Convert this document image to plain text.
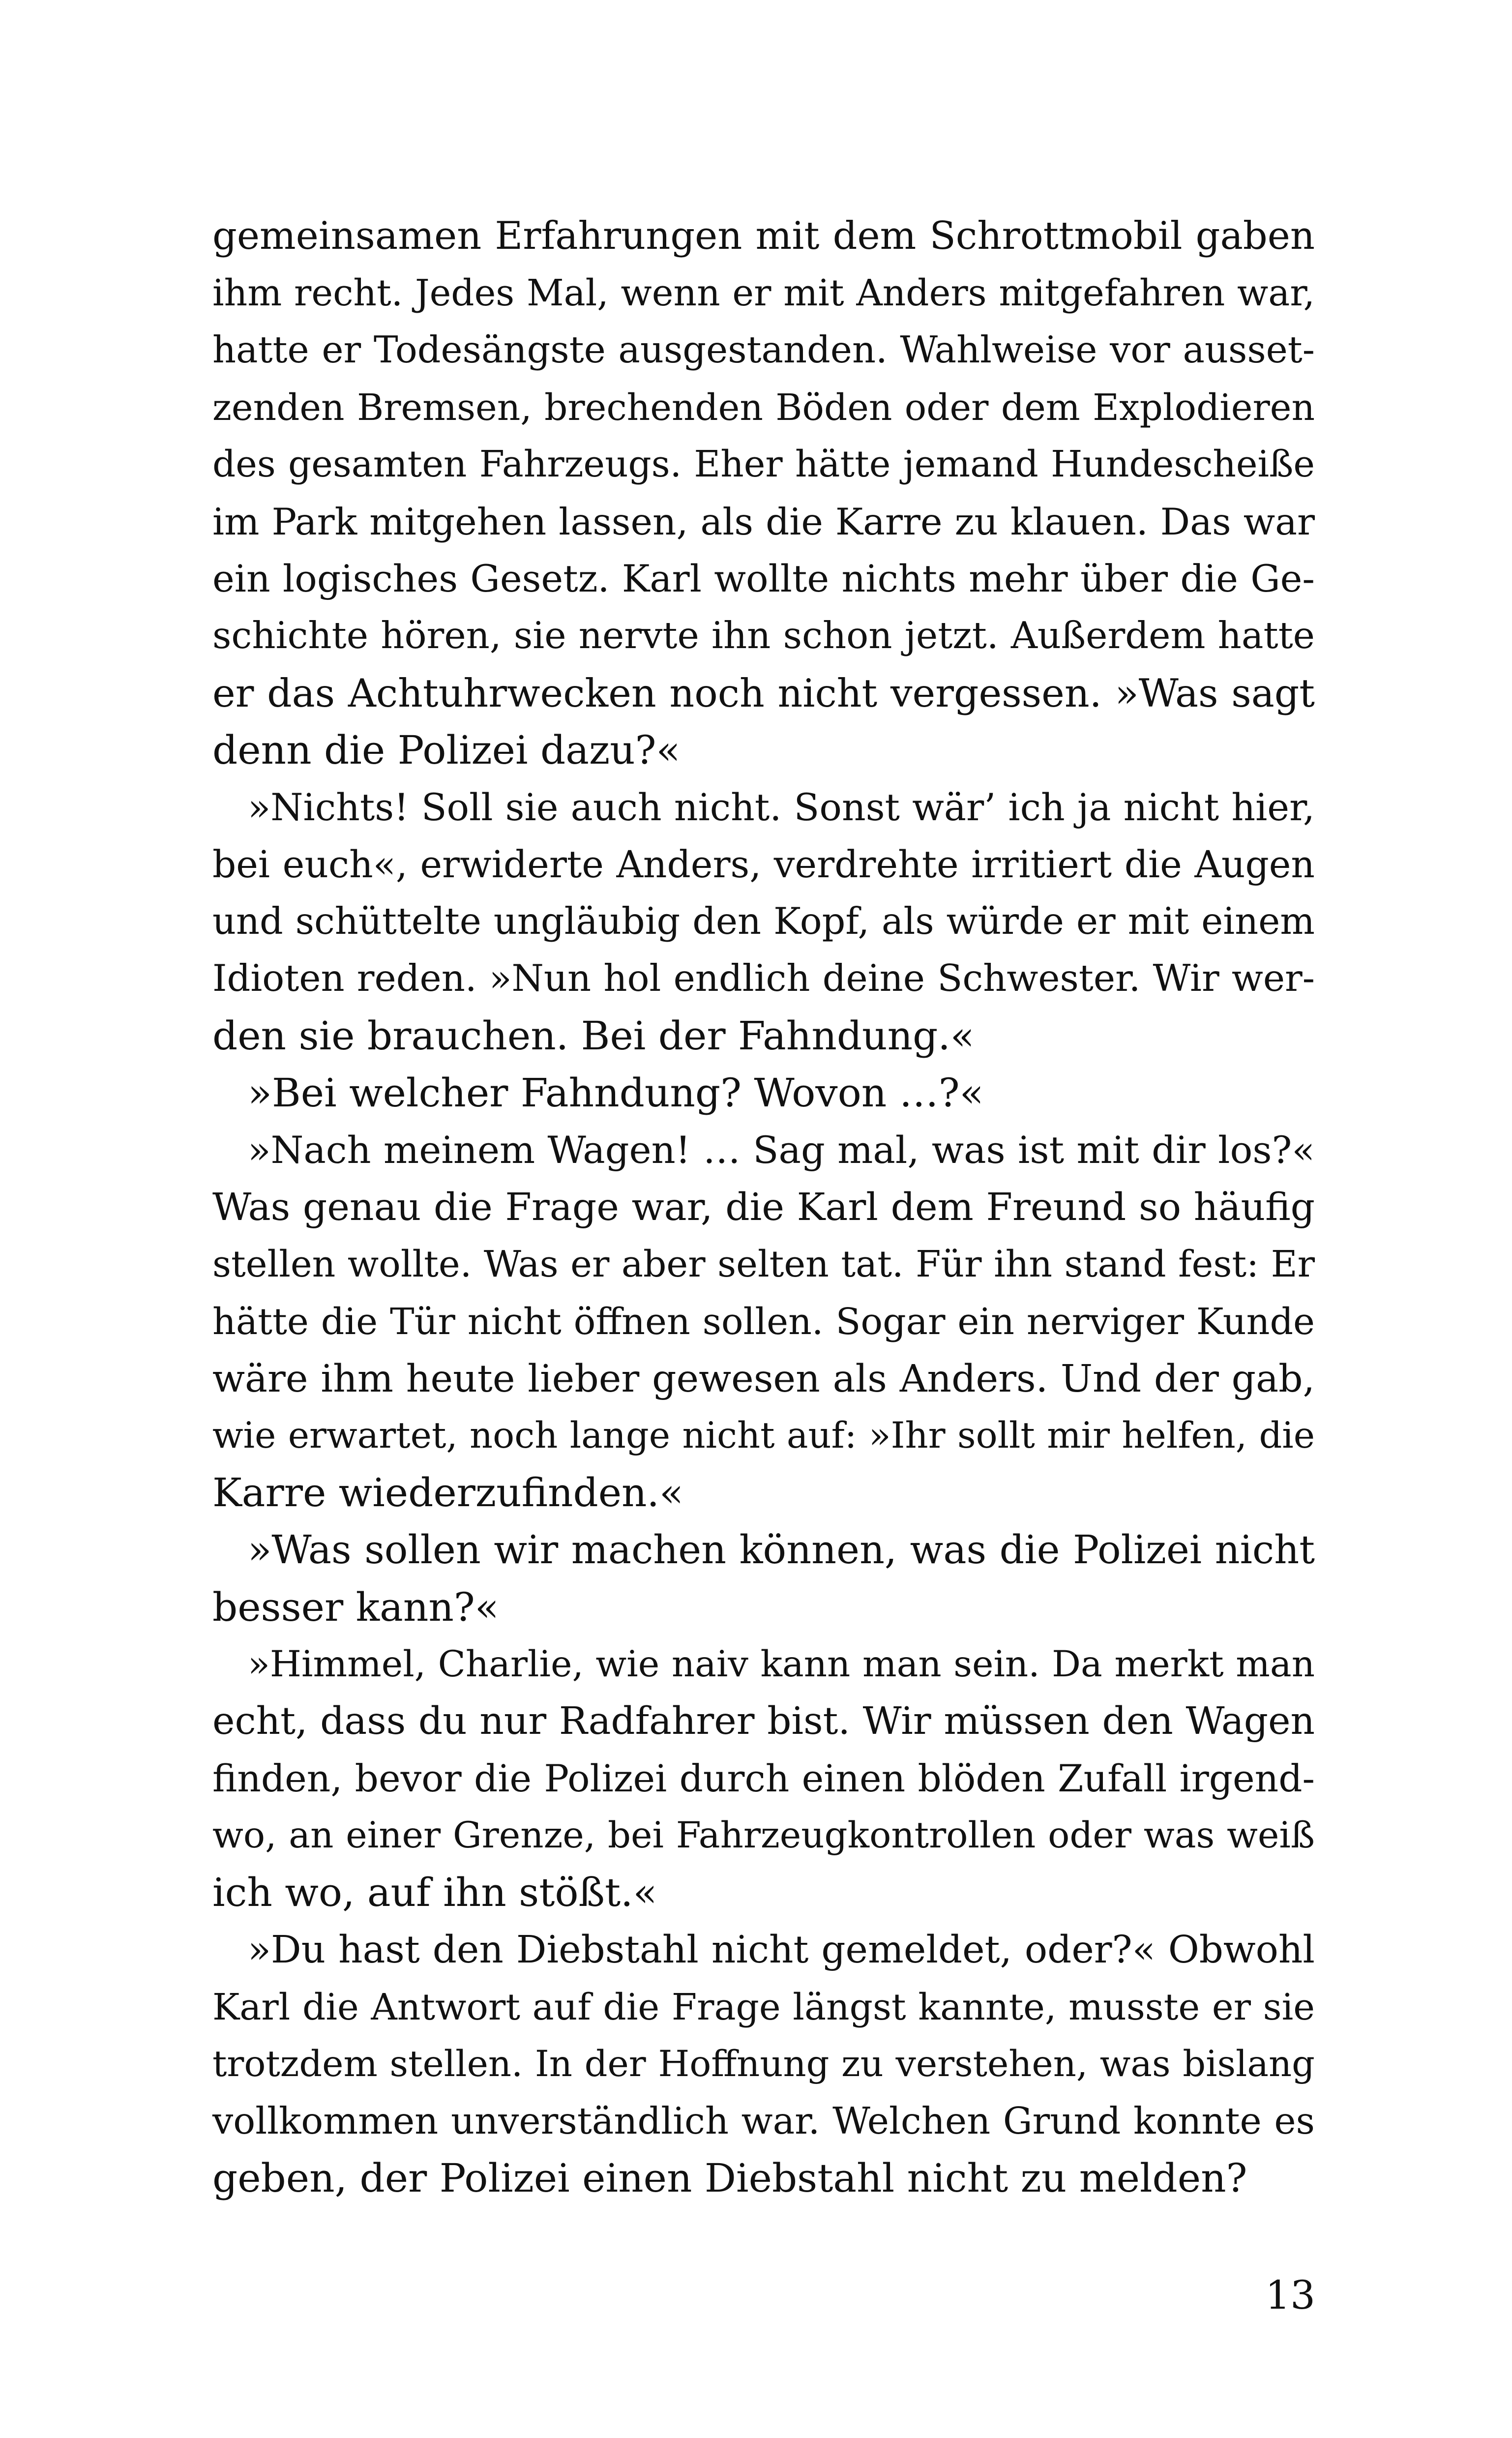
gemeinsamen Erfahrungen mit dem Schrottmobil gaben
ihm recht. Jedes Mal, wenn er mit Anders mitgefahren war,
hatte er Todesängste ausgestanden. Wahlweise vor ausset-
zenden Bremsen, brechenden Böden oder dem Explodieren
des gesamten Fahrzeugs. Eher hätte jemand Hundescheiße
im Park mitgehen lassen, als die Karre zu klauen. Das war
ein logisches Gesetz. Karl wollte nichts mehr über die Ge-
schichte hören, sie nervte ihn schon jetzt. Außerdem hatte
er das Achtuhrwecken noch nicht vergessen. »Was sagt
denn die Polizei dazu?«
»Nichts! Soll sie auch nicht. Sonst wär’ ich ja nicht hier,
bei euch«, erwiderte Anders, verdrehte irritiert die Augen
und schüttelte ungläubig den Kopf, als würde er mit einem
Idioten reden. »Nun hol endlich deine Schwester. Wir wer-
den sie brauchen. Bei der Fahndung.«
»Bei welcher Fahndung? Wovon …?«
»Nach meinem Wagen! … Sag mal, was ist mit dir los?«
Was genau die Frage war, die Karl dem Freund so häufig
stellen wollte. Was er aber selten tat. Für ihn stand fest: Er
hätte die Tür nicht öffnen sollen. Sogar ein nerviger Kunde
wäre ihm heute lieber gewesen als Anders. Und der gab,
wie erwartet, noch lange nicht auf: »Ihr sollt mir helfen, die
Karre wiederzufinden.«
»Was sollen wir machen können, was die Polizei nicht
besser kann?«
»Himmel, Charlie, wie naiv kann man sein. Da merkt man
echt, dass du nur Radfahrer bist. Wir müssen den Wagen
finden, bevor die Polizei durch einen blöden Zufall irgend-
wo, an einer Grenze, bei Fahrzeugkontrollen oder was weiß
ich wo, auf ihn stößt.«
»Du hast den Diebstahl nicht gemeldet, oder?« Obwohl
Karl die Antwort auf die Frage längst kannte, musste er sie
trotzdem stellen. In der Hoffnung zu verstehen, was bislang
vollkommen unverständlich war. Welchen Grund konnte es
geben, der Polizei einen Diebstahl nicht zu melden?
13
